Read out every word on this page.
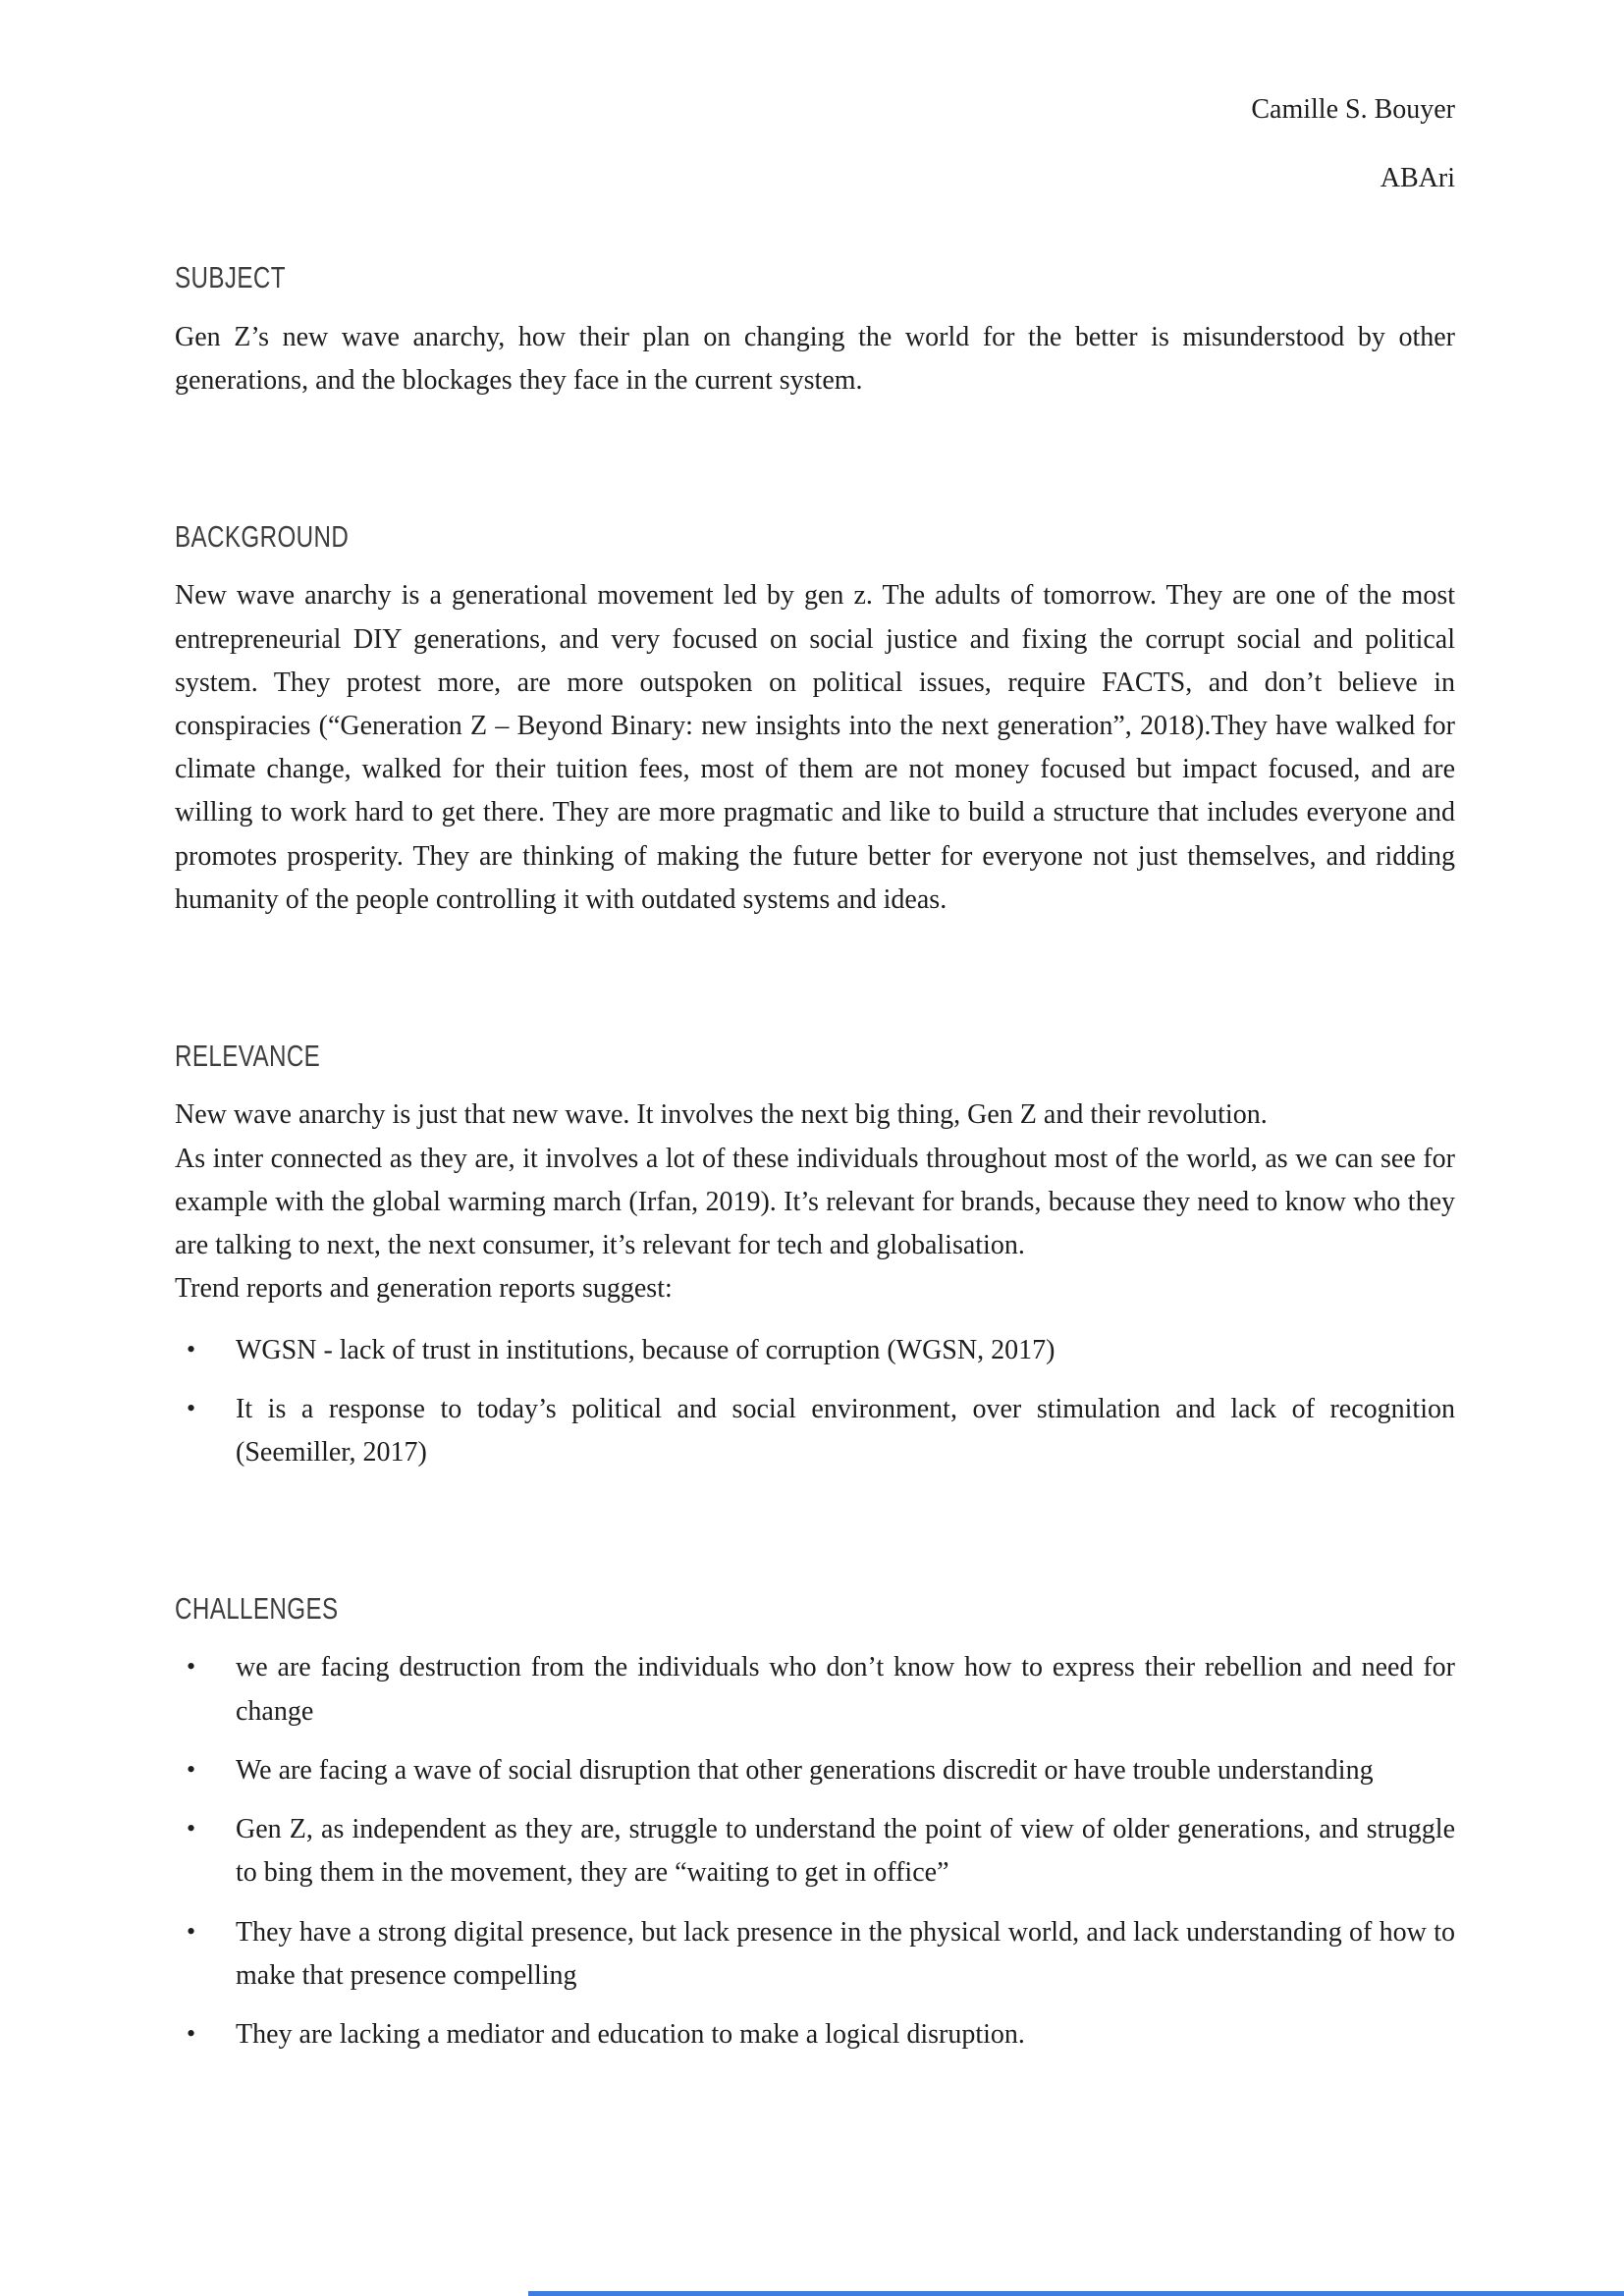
Camille S. Bouyer

ABAri

SUBJECT

Gen Z’s new wave anarchy, how their plan on changing the world for the better is misunderstood by other generations, and the blockages they face in the current system.

BACKGROUND

New wave anarchy is a generational movement led by gen z. The adults of tomorrow. They are one of the most entrepreneurial DIY generations, and very focused on social justice and fixing the corrupt social and political system. They protest more, are more outspoken on political issues, require FACTS, and don’t believe in conspiracies (“Generation Z – Beyond Binary: new insights into the next generation”, 2018).They have walked for climate change, walked for their tuition fees, most of them are not money focused but impact focused, and are willing to work hard to get there. They are more pragmatic and like to build a structure that includes everyone and promotes prosperity. They are thinking of making the future better for everyone not just themselves, and ridding humanity of the people controlling it with outdated systems and ideas.

RELEVANCE

New wave anarchy is just that new wave. It involves the next big thing, Gen Z and their revolution.

As inter connected as they are, it involves a lot of these individuals throughout most of the world, as we can see for example with the global warming march (Irfan, 2019). It’s relevant for brands, because they need to know who they are talking to next, the next consumer, it’s relevant for tech and globalisation.

Trend reports and generation reports suggest:

• WGSN - lack of trust in institutions, because of corruption (WGSN, 2017)
• It is a response to today’s political and social environment, over stimulation and lack of recognition (Seemiller, 2017)
CHALLENGES
• we are facing destruction from the individuals who don’t know how to express their rebellion and need for change
• We are facing a wave of social disruption that other generations discredit or have trouble understanding
• Gen Z, as independent as they are, struggle to understand the point of view of older generations, and struggle to bing them in the movement, they are “waiting to get in office”
• They have a strong digital presence, but lack presence in the physical world, and lack understanding of how to make that presence compelling
• They are lacking a mediator and education to make a logical disruption.
